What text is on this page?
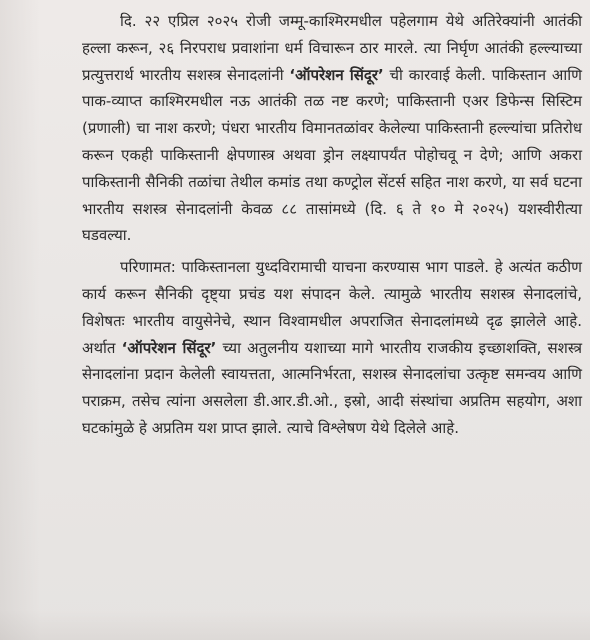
दि. २२ एप्रिल २०२५ रोजी जम्मू-काश्मिरमधील पहेलगाम येथे अतिरेक्यांनी आतंकी हल्ला करून, २६ निरपराध प्रवाशांना धर्म विचारून ठार मारले. त्या निर्घृण आतंकी हल्ल्याच्या प्रत्युत्तरार्थ भारतीय सशस्त्र सेनादलांनी ‘ऑपरेशन सिंदूर’ ची कारवाई केली. पाकिस्तान आणि पाक-व्याप्त काश्मिरमधील नऊ आतंकी तळ नष्ट करणे; पाकिस्तानी एअर डिफेन्स सिस्टिम (प्रणाली) चा नाश करणे; पंधरा भारतीय विमानतळांवर केलेल्या पाकिस्तानी हल्ल्यांचा प्रतिरोध करून एकही पाकिस्तानी क्षेपणास्त्र अथवा ड्रोन लक्ष्यापर्यंत पोहोचवू न देणे; आणि अकरा पाकिस्तानी सैनिकी तळांचा तेथील कमांड तथा कण्ट्रोल सेंटर्स सहित नाश करणे, या सर्व घटना भारतीय सशस्त्र सेनादलांनी केवळ ८८ तासांमध्ये (दि. ६ ते १० मे २०२५) यशस्वीरीत्या घडवल्या.

परिणामत: पाकिस्तानला युध्दविरामाची याचना करण्यास भाग पाडले. हे अत्यंत कठीण कार्य करून सैनिकी दृष्ट्या प्रचंड यश संपादन केले. त्यामुळे भारतीय सशस्त्र सेनादलांचे, विशेषतः भारतीय वायुसेनेचे, स्थान विश्वामधील अपराजित सेनादलांमध्ये दृढ झालेले आहे. अर्थात ‘ऑपरेशन सिंदूर’ च्या अतुलनीय यशाच्या मागे भारतीय राजकीय इच्छाशक्ति, सशस्त्र सेनादलांना प्रदान केलेली स्वायत्तता, आत्मनिर्भरता, सशस्त्र सेनादलांचा उत्कृष्ट समन्वय आणि पराक्रम, तसेच त्यांना असलेला डी.आर.डी.ओ., इस्रो, आदी संस्थांचा अप्रतिम सहयोग, अशा घटकांमुळे हे अप्रतिम यश प्राप्त झाले. त्याचे विश्लेषण येथे दिलेले आहे.
